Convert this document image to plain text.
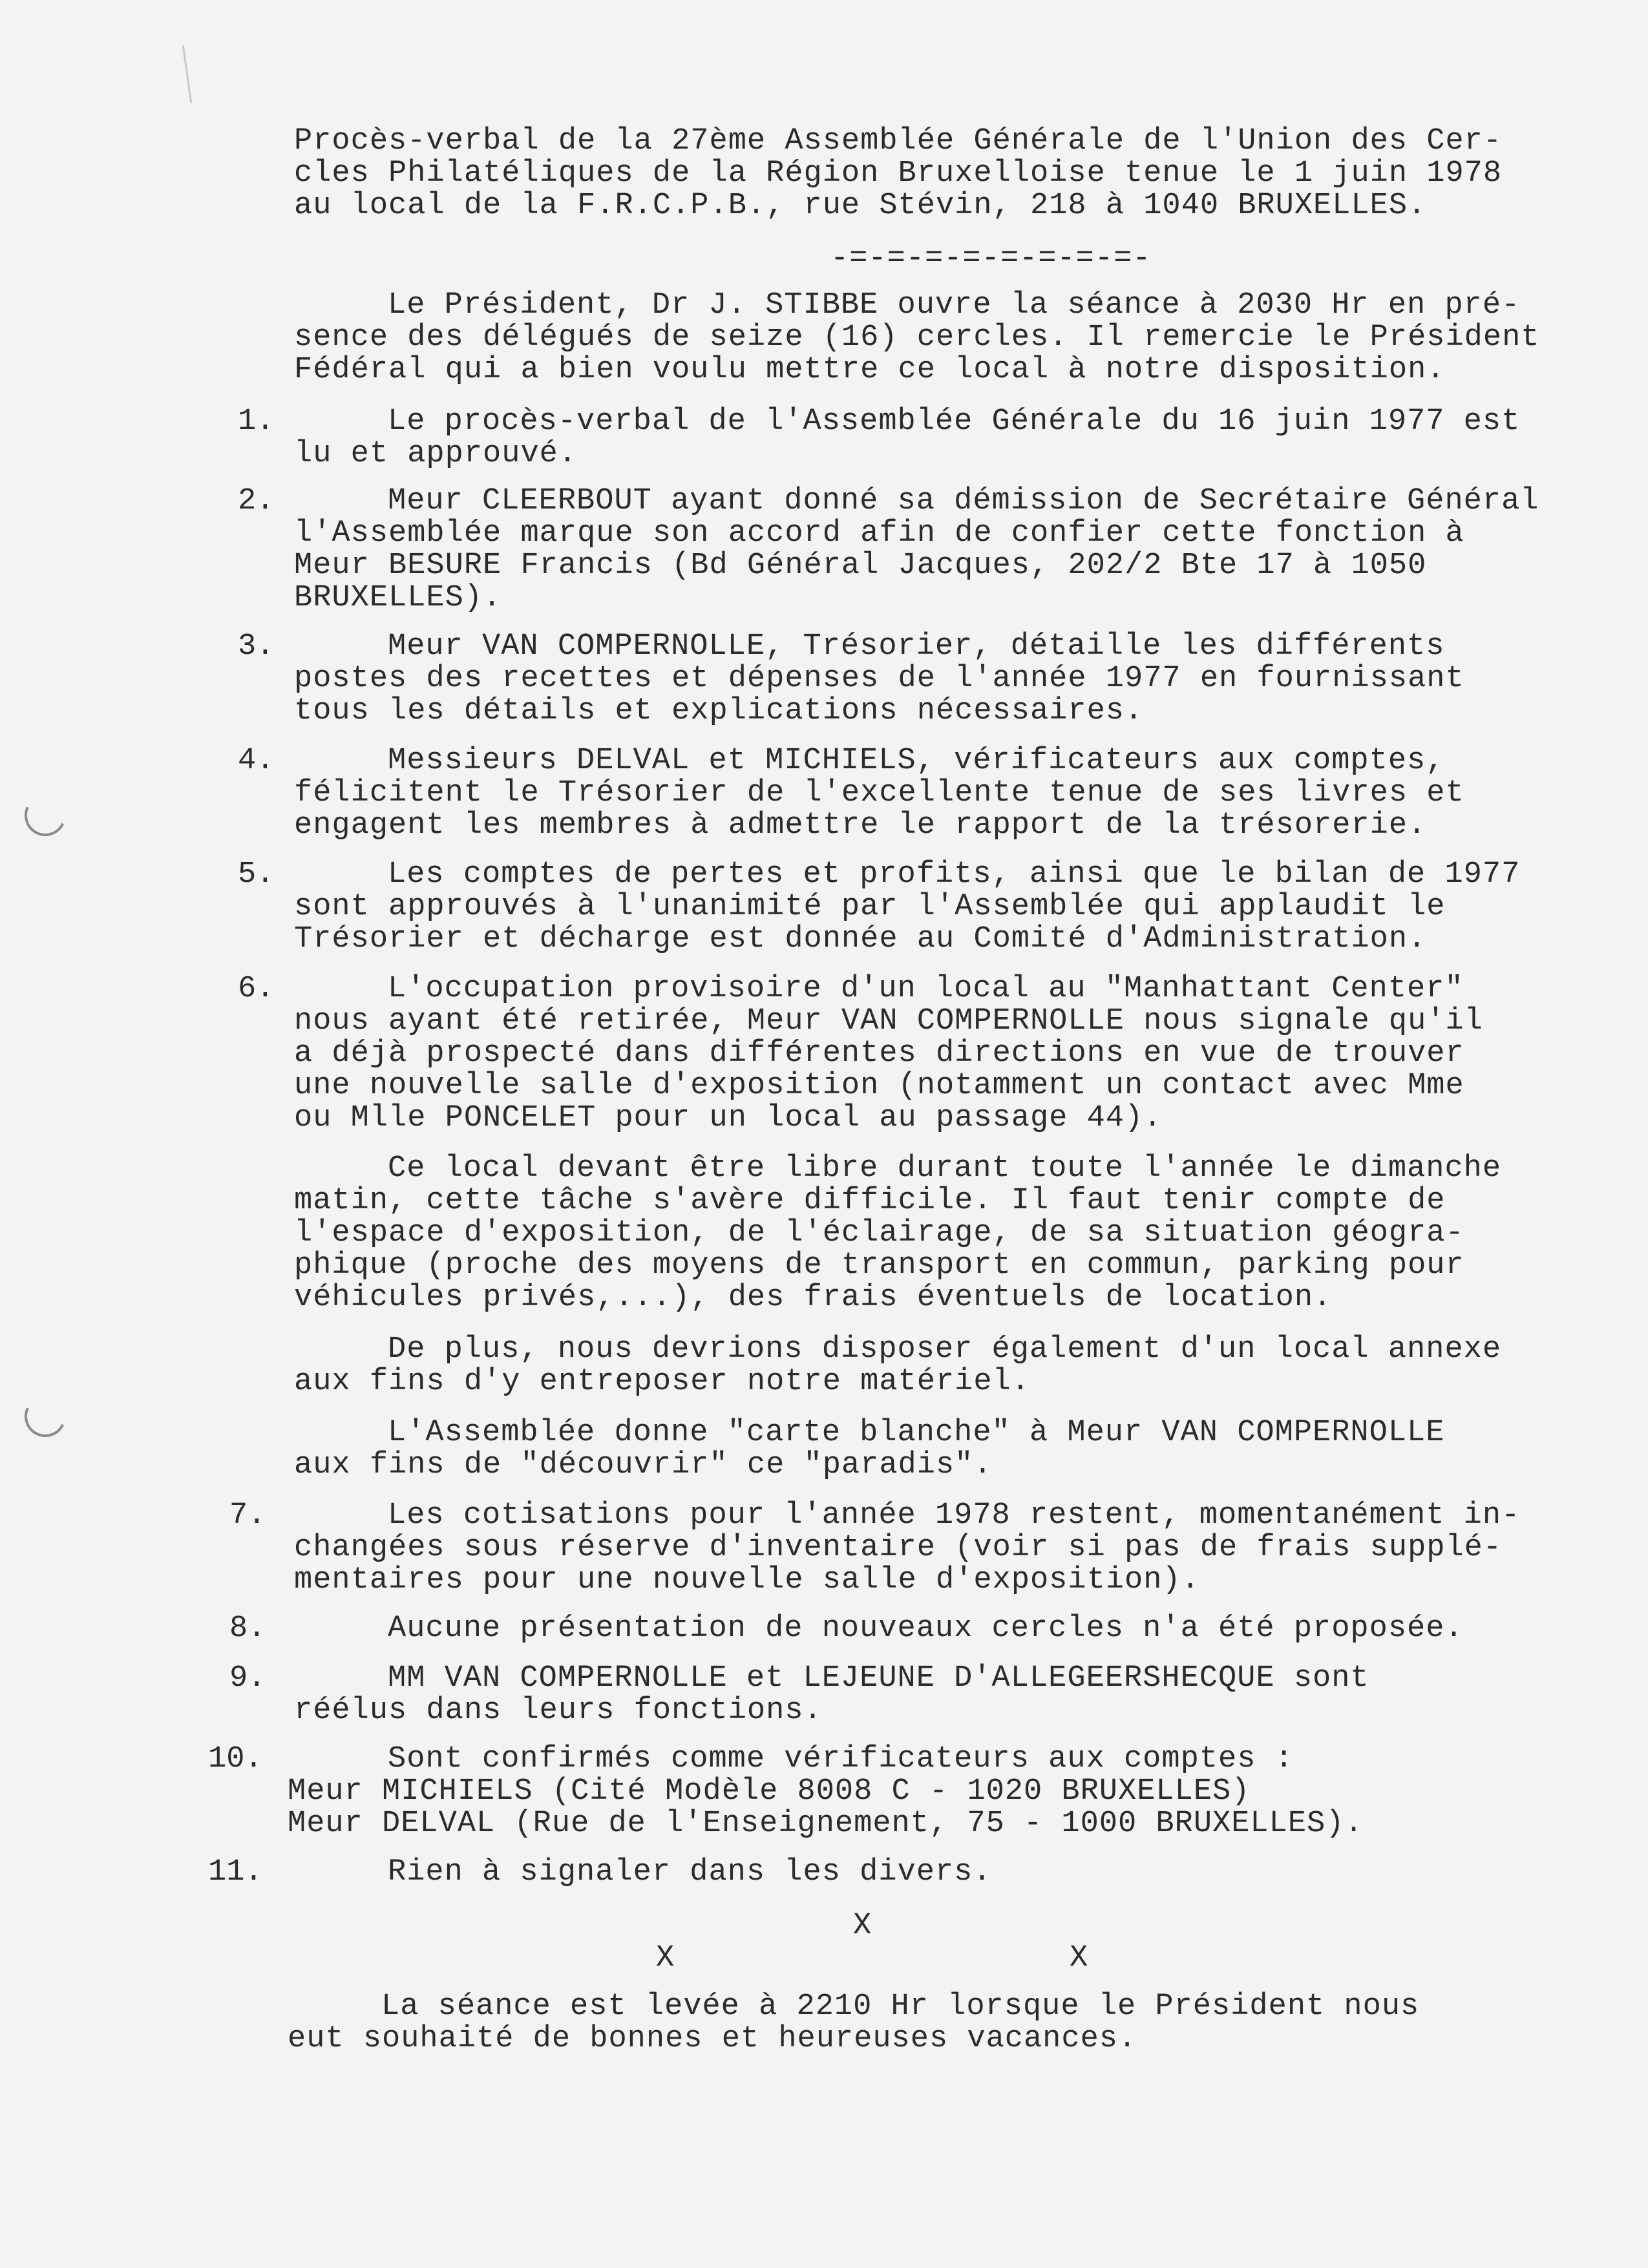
Procès-verbal de la 27ème Assemblée Générale de l'Union des Cer-
cles Philatéliques de la Région Bruxelloise tenue le 1 juin 1978
au local de la F.R.C.P.B., rue Stévin, 218 à 1040 BRUXELLES.
-=-=-=-=-=-=-=-=-
Le Président, Dr J. STIBBE ouvre la séance à 2030 Hr en pré-
sence des délégués de seize (16) cercles. Il remercie le Président
Fédéral qui a bien voulu mettre ce local à notre disposition.
1.	Le procès-verbal de l'Assemblée Générale du 16 juin 1977 est
lu et approuvé.
2.	Meur CLEERBOUT ayant donné sa démission de Secrétaire Général
l'Assemblée marque son accord afin de confier cette fonction à
Meur BESURE Francis (Bd Général Jacques, 202/2 Bte 17 à 1050
BRUXELLES).
3.	Meur VAN COMPERNOLLE, Trésorier, détaille les différents
postes des recettes et dépenses de l'année 1977 en fournissant
tous les détails et explications nécessaires.
4.	Messieurs DELVAL et MICHIELS, vérificateurs aux comptes,
félicitent le Trésorier de l'excellente tenue de ses livres et
engagent les membres à admettre le rapport de la trésorerie.
5.	Les comptes de pertes et profits, ainsi que le bilan de 1977
sont approuvés à l'unanimité par l'Assemblée qui applaudit le
Trésorier et décharge est donnée au Comité d'Administration.
6.	L'occupation provisoire d'un local au "Manhattant Center"
nous ayant été retirée, Meur VAN COMPERNOLLE nous signale qu'il
a déjà prospecté dans différentes directions en vue de trouver
une nouvelle salle d'exposition (notamment un contact avec Mme
ou Mlle PONCELET pour un local au passage 44).
Ce local devant être libre durant toute l'année le dimanche
matin, cette tâche s'avère difficile. Il faut tenir compte de
l'espace d'exposition, de l'éclairage, de sa situation géogra-
phique (proche des moyens de transport en commun, parking pour
véhicules privés,...), des frais éventuels de location.
De plus, nous devrions disposer également d'un local annexe
aux fins d'y entreposer notre matériel.
L'Assemblée donne "carte blanche" à Meur VAN COMPERNOLLE
aux fins de "découvrir" ce "paradis".
7.	Les cotisations pour l'année 1978 restent, momentanément in-
changées sous réserve d'inventaire (voir si pas de frais supplé-
mentaires pour une nouvelle salle d'exposition).
8.	Aucune présentation de nouveaux cercles n'a été proposée.
9.	MM VAN COMPERNOLLE et LEJEUNE D'ALLEGEERSHECQUE sont
réélus dans leurs fonctions.
10.	Sont confirmés comme vérificateurs aux comptes :
Meur MICHIELS (Cité Modèle 8008 C - 1020 BRUXELLES)
Meur DELVAL (Rue de l'Enseignement, 75 - 1000 BRUXELLES).
11.	Rien à signaler dans les divers.
X
X	X
La séance est levée à 2210 Hr lorsque le Président nous
eut souhaité de bonnes et heureuses vacances.
